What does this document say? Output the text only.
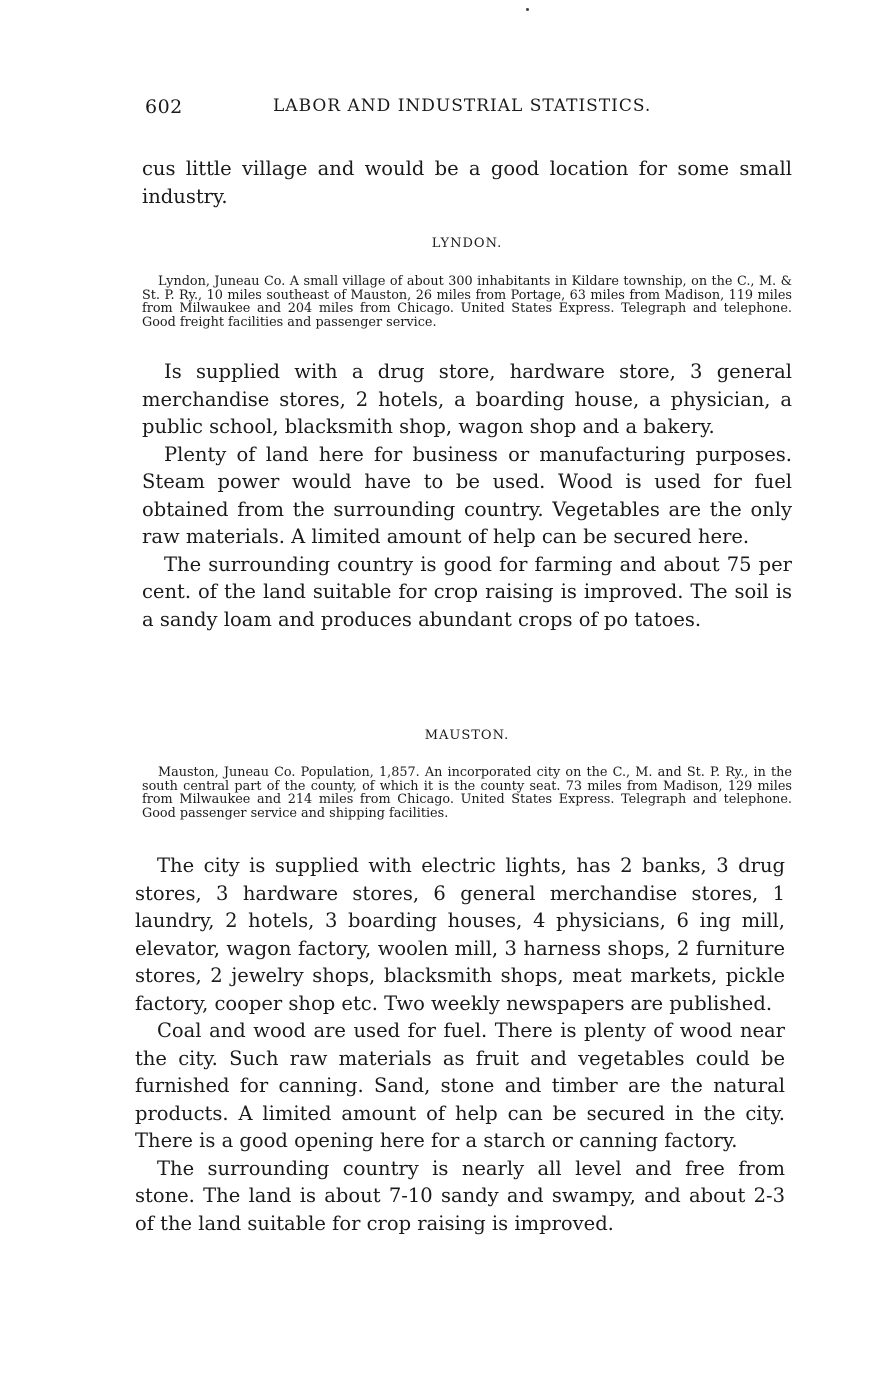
602	LABOR AND INDUSTRIAL STATISTICS.

cus little village and would be a good location for some small industry.

LYNDON.

Lyndon, Juneau Co. A small village of about 300 inhabitants in Kildare township, on the C., M. & St. P. Ry., 10 miles southeast of Mauston, 26 miles from Portage, 63 miles from Madison, 119 miles from Milwaukee and 204 miles from Chicago. United States Express. Telegraph and telephone. Good freight facilities and passenger service.

Is supplied with a drug store, hardware store, 3 general merchandise stores, 2 hotels, a boarding house, a physician, a public school, blacksmith shop, wagon shop and a bakery.

Plenty of land here for business or manufacturing purposes. Steam power would have to be used. Wood is used for fuel obtained from the surrounding country. Vegetables are the only raw materials. A limited amount of help can be secured here.

The surrounding country is good for farming and about 75 per cent. of the land suitable for crop raising is improved. The soil is a sandy loam and produces abundant crops of po tatoes.

MAUSTON.

Mauston, Juneau Co. Population, 1,857. An incorporated city on the C., M. and St. P. Ry., in the south central part of the county, of which it is the county seat. 73 miles from Madison, 129 miles from Milwaukee and 214 miles from Chicago. United States Express. Telegraph and telephone. Good passenger service and shipping facilities.

The city is supplied with electric lights, has 2 banks, 3 drug stores, 3 hardware stores, 6 general merchandise stores, 1 laundry, 2 hotels, 3 boarding houses, 4 physicians, 6 ing mill, elevator, wagon factory, woolen mill, 3 harness shops, 2 furniture stores, 2 jewelry shops, blacksmith shops, meat markets, pickle factory, cooper shop etc. Two weekly newspapers are published.

Coal and wood are used for fuel. There is plenty of wood near the city. Such raw materials as fruit and vegetables could be furnished for canning. Sand, stone and timber are the natural products. A limited amount of help can be secured in the city. There is a good opening here for a starch or canning factory.

The surrounding country is nearly all level and free from stone. The land is about 7-10 sandy and swampy, and about 2-3 of the land suitable for crop raising is improved.
